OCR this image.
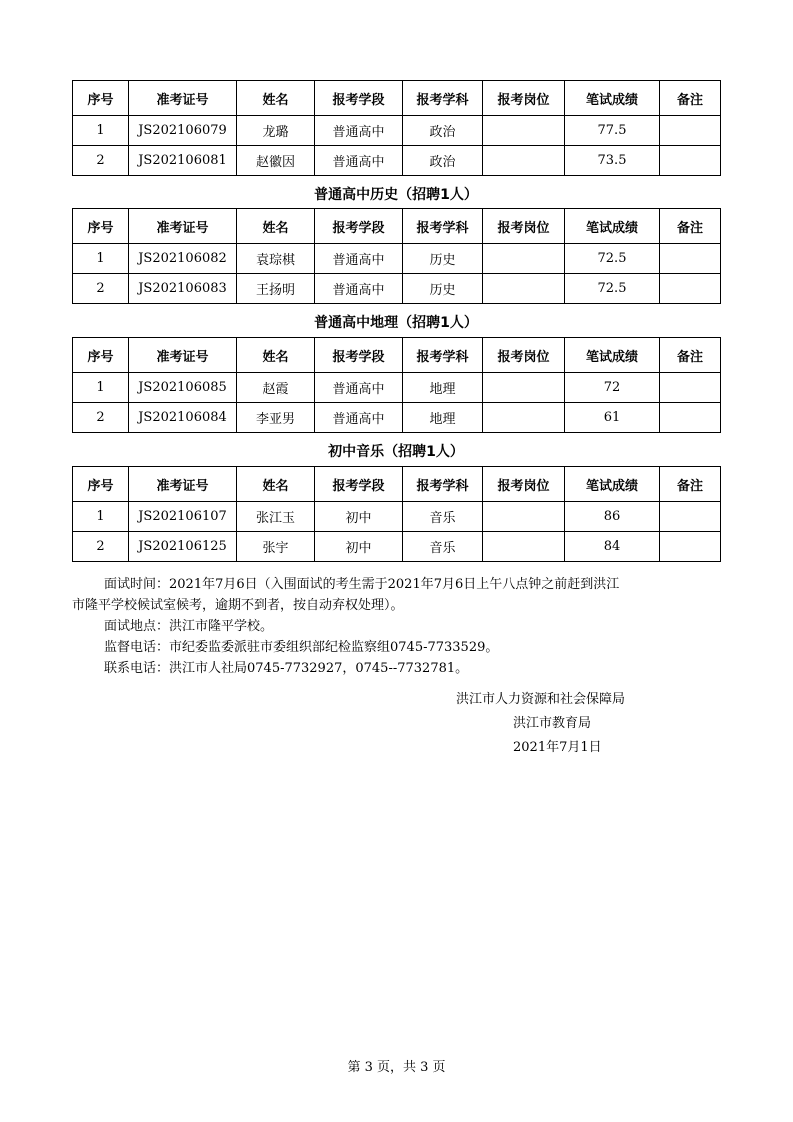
序号	准考证号	姓名	报考学段	报考学科	报考岗位	笔试成绩	备注
1	JS202106079	龙璐	普通高中	政治		77.5	
2	JS202106081	赵徽因	普通高中	政治		73.5	
普通高中历史（招聘1人）
序号	准考证号	姓名	报考学段	报考学科	报考岗位	笔试成绩	备注
1	JS202106082	袁琮棋	普通高中	历史		72.5	
2	JS202106083	王扬明	普通高中	历史		72.5	
普通高中地理（招聘1人）
序号	准考证号	姓名	报考学段	报考学科	报考岗位	笔试成绩	备注
1	JS202106085	赵霞	普通高中	地理		72	
2	JS202106084	李亚男	普通高中	地理		61	
初中音乐（招聘1人）
序号	准考证号	姓名	报考学段	报考学科	报考岗位	笔试成绩	备注
1	JS202106107	张江玉	初中	音乐		86	
2	JS202106125	张宇	初中	音乐		84	

面试时间：2021年7月6日（入围面试的考生需于2021年7月6日上午八点钟之前赶到洪江

市隆平学校候试室候考，逾期不到者，按自动弃权处理）。

面试地点：洪江市隆平学校。

监督电话：市纪委监委派驻市委组织部纪检监察组0745-7733529。

联系电话：洪江市人社局0745-7732927，0745--7732781。

洪江市人力资源和社会保障局
洪江市教育局
2021年7月1日
第 3 页，共 3 页
